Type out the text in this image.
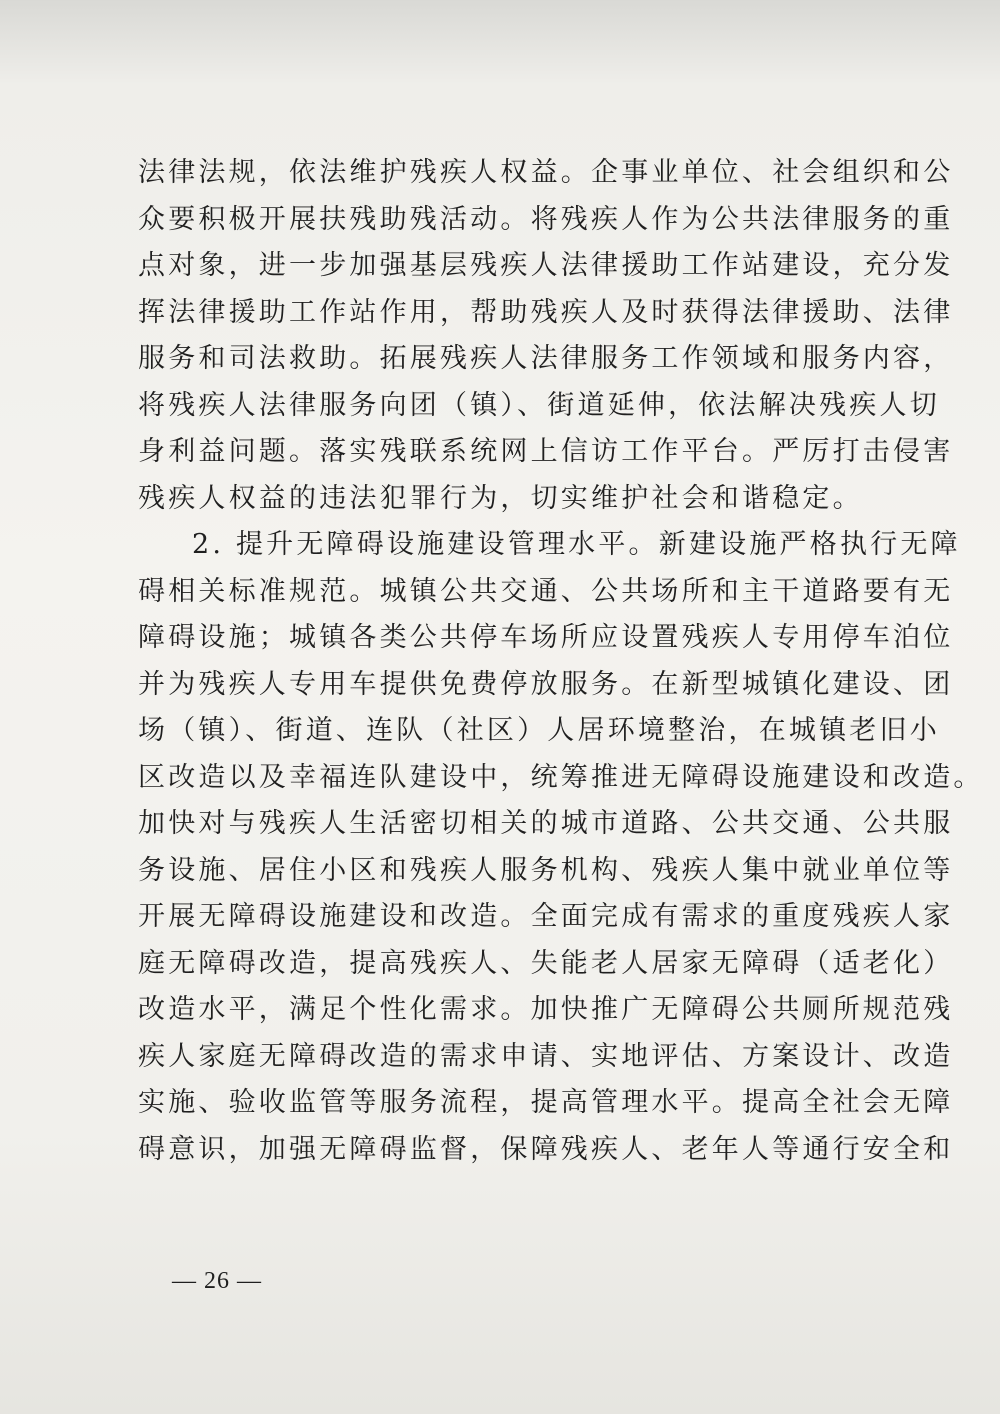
法律法规，依法维护残疾人权益。企事业单位、社会组织和公
众要积极开展扶残助残活动。将残疾人作为公共法律服务的重
点对象，进一步加强基层残疾人法律援助工作站建设，充分发
挥法律援助工作站作用，帮助残疾人及时获得法律援助、法律
服务和司法救助。拓展残疾人法律服务工作领域和服务内容，
将残疾人法律服务向团（镇）、街道延伸，依法解决残疾人切
身利益问题。落实残联系统网上信访工作平台。严厉打击侵害
残疾人权益的违法犯罪行为，切实维护社会和谐稳定。
2. 提升无障碍设施建设管理水平。新建设施严格执行无障
碍相关标准规范。城镇公共交通、公共场所和主干道路要有无
障碍设施；城镇各类公共停车场所应设置残疾人专用停车泊位
并为残疾人专用车提供免费停放服务。在新型城镇化建设、团
场（镇）、街道、连队（社区）人居环境整治，在城镇老旧小
区改造以及幸福连队建设中，统筹推进无障碍设施建设和改造。
加快对与残疾人生活密切相关的城市道路、公共交通、公共服
务设施、居住小区和残疾人服务机构、残疾人集中就业单位等
开展无障碍设施建设和改造。全面完成有需求的重度残疾人家
庭无障碍改造，提高残疾人、失能老人居家无障碍（适老化）
改造水平，满足个性化需求。加快推广无障碍公共厕所规范残
疾人家庭无障碍改造的需求申请、实地评估、方案设计、改造
实施、验收监管等服务流程，提高管理水平。提高全社会无障
碍意识，加强无障碍监督，保障残疾人、老年人等通行安全和
— 26 —
